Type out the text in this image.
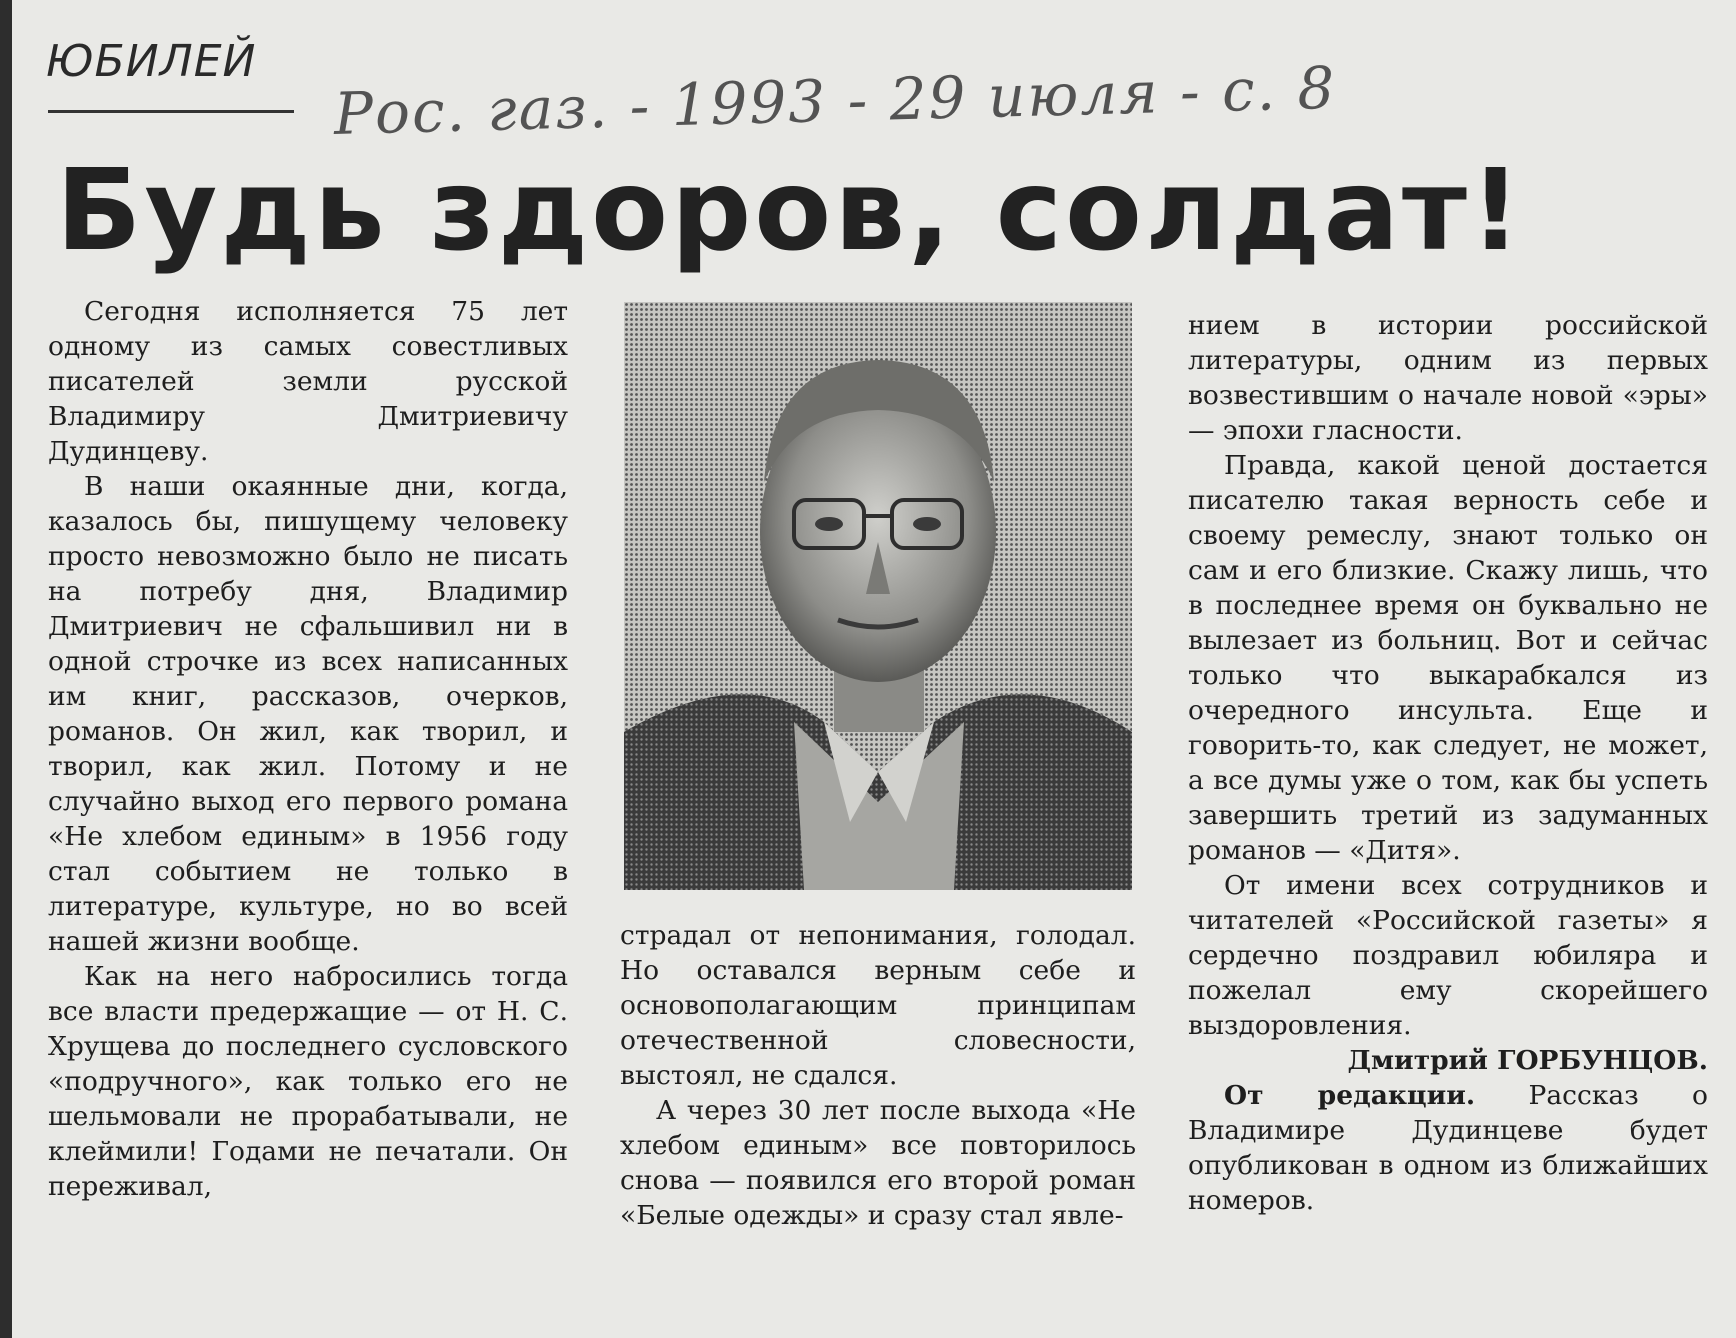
ЮБИЛЕЙ Рос. газ. - 1993 - 29 июля - с. 8
Будь здоров, солдат!

Сегодня исполняется 75 лет одному из самых совестливых писателей земли русской Владимиру Дмитриевичу Дудинцеву.

В наши окаянные дни, когда, казалось бы, пишущему человеку просто невозможно было не писать на потребу дня, Владимир Дмитриевич не сфальшивил ни в одной строчке из всех написанных им книг, рассказов, очерков, романов. Он жил, как творил, и творил, как жил. Потому и не случайно выход его первого романа «Не хлебом единым» в 1956 году стал событием не только в литературе, культуре, но во всей нашей жизни вообще.

Как на него набросились тогда все власти предержащие — от Н. С. Хрущева до последнего сусловского «подручного», как только его не шельмовали не прорабатывали, не клеймили! Годами не печатали. Он переживал,

страдал от непонимания, голодал. Но оставался верным себе и основополагающим принципам отечественной словесности, выстоял, не сдался.

А через 30 лет после выхода «Не хлебом единым» все повторилось снова — появился его второй роман «Белые одежды» и сразу стал явле-

нием в истории российской литературы, одним из первых возвестившим о начале новой «эры» — эпохи гласности.

Правда, какой ценой достается писателю такая верность себе и своему ремеслу, знают только он сам и его близкие. Скажу лишь, что в последнее время он буквально не вылезает из больниц. Вот и сейчас только что выкарабкался из очередного инсульта. Еще и говорить-то, как следует, не может, а все думы уже о том, как бы успеть завершить третий из задуманных романов — «Дитя».

От имени всех сотрудников и читателей «Российской газеты» я сердечно поздравил юбиляра и пожелал ему скорейшего выздоровления.

Дмитрий ГОРБУНЦОВ.

От редакции. Рассказ о Владимире Дудинцеве будет опубликован в одном из ближайших номеров.
